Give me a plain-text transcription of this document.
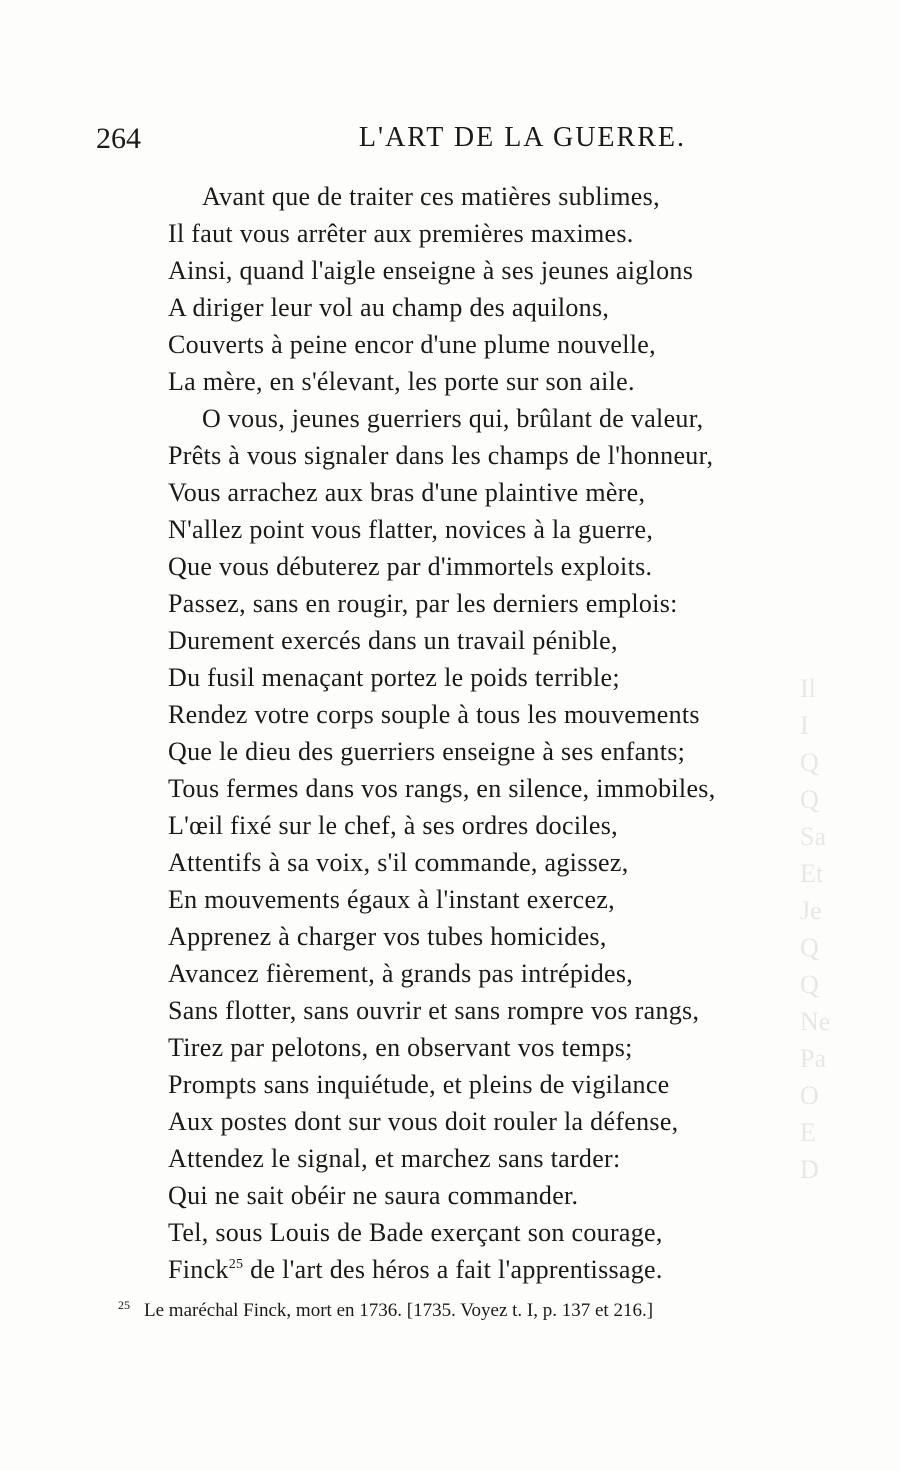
264	L'ART DE LA GUERRE.
Avant que de traiter ces matières sublimes,
Il faut vous arrêter aux premières maximes.
Ainsi, quand l'aigle enseigne à ses jeunes aiglons
A diriger leur vol au champ des aquilons,
Couverts à peine encor d'une plume nouvelle,
La mère, en s'élevant, les porte sur son aile.
O vous, jeunes guerriers qui, brûlant de valeur,
Prêts à vous signaler dans les champs de l'honneur,
Vous arrachez aux bras d'une plaintive mère,
N'allez point vous flatter, novices à la guerre,
Que vous débuterez par d'immortels exploits.
Passez, sans en rougir, par les derniers emplois:
Durement exercés dans un travail pénible,
Du fusil menaçant portez le poids terrible;
Rendez votre corps souple à tous les mouvements
Que le dieu des guerriers enseigne à ses enfants;
Tous fermes dans vos rangs, en silence, immobiles,
L'œil fixé sur le chef, à ses ordres dociles,
Attentifs à sa voix, s'il commande, agissez,
En mouvements égaux à l'instant exercez,
Apprenez à charger vos tubes homicides,
Avancez fièrement, à grands pas intrépides,
Sans flotter, sans ouvrir et sans rompre vos rangs,
Tirez par pelotons, en observant vos temps;
Prompts sans inquiétude, et pleins de vigilance
Aux postes dont sur vous doit rouler la défense,
Attendez le signal, et marchez sans tarder:
Qui ne sait obéir ne saura commander.
Tel, sous Louis de Bade exerçant son courage,
Finck$^{25}$ de l'art des héros a fait l'apprentissage.
$^{25}$ Le maréchal Finck, mort en 1736. [1735. Voyez t. I, p. 137 et 216.]
Il
I
Q
Q
Sa
Et
Je
Q
Q
Ne
Pa
O
E
D
